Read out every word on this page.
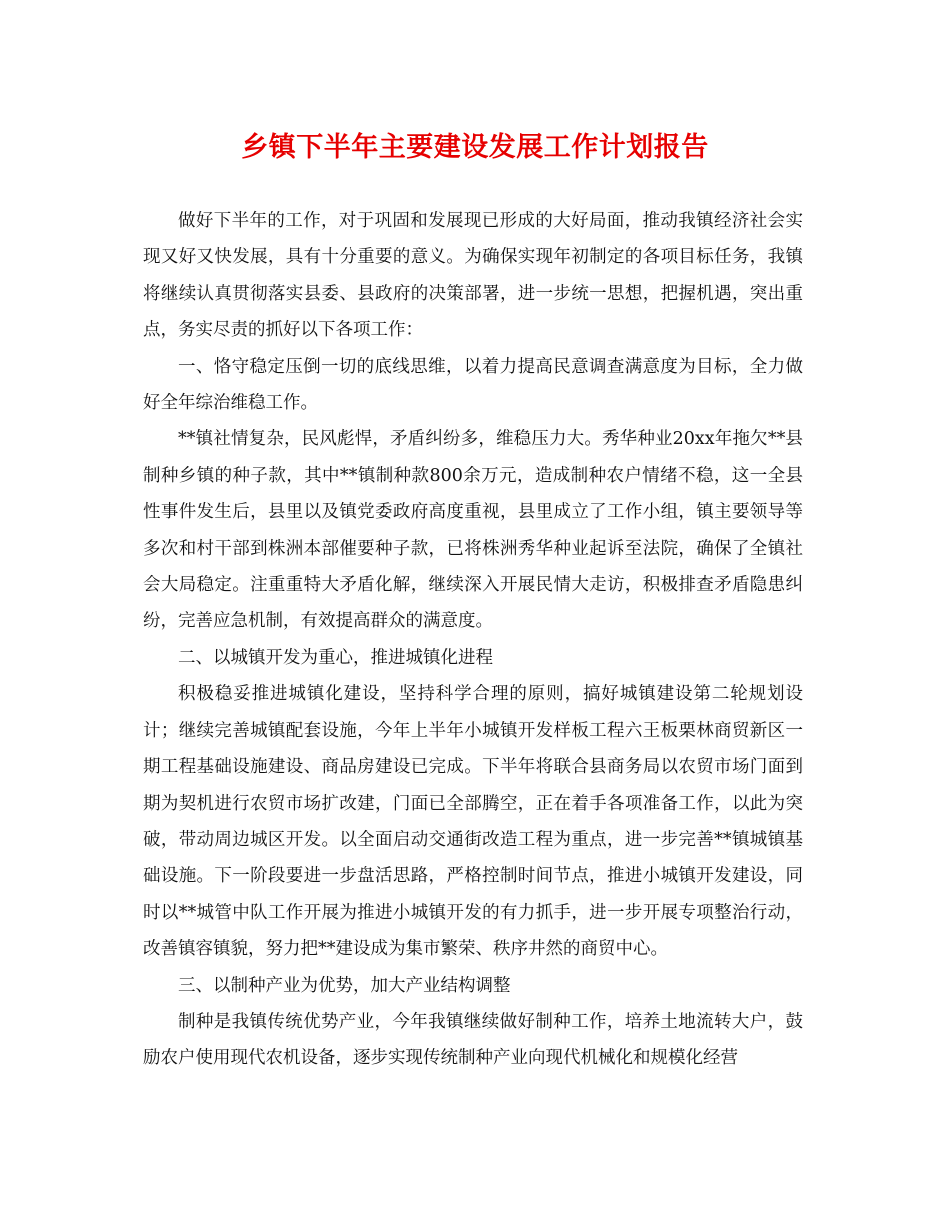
乡镇下半年主要建设发展工作计划报告

做好下半年的工作，对于巩固和发展现已形成的大好局面，推动我镇经济社会实现又好又快发展，具有十分重要的意义。为确保实现年初制定的各项目标任务，我镇将继续认真贯彻落实县委、县政府的决策部署，进一步统一思想，把握机遇，突出重点，务实尽责的抓好以下各项工作：

一、恪守稳定压倒一切的底线思维，以着力提高民意调查满意度为目标，全力做好全年综治维稳工作。

**镇社情复杂，民风彪悍，矛盾纠纷多，维稳压力大。秀华种业20xx年拖欠**县制种乡镇的种子款，其中**镇制种款800余万元，造成制种农户情绪不稳，这一全县性事件发生后，县里以及镇党委政府高度重视，县里成立了工作小组，镇主要领导等多次和村干部到株洲本部催要种子款，已将株洲秀华种业起诉至法院，确保了全镇社会大局稳定。注重重特大矛盾化解，继续深入开展民情大走访，积极排查矛盾隐患纠纷，完善应急机制，有效提高群众的满意度。

二、以城镇开发为重心，推进城镇化进程

积极稳妥推进城镇化建设，坚持科学合理的原则，搞好城镇建设第二轮规划设计；继续完善城镇配套设施，今年上半年小城镇开发样板工程六王板栗林商贸新区一期工程基础设施建设、商品房建设已完成。下半年将联合县商务局以农贸市场门面到期为契机进行农贸市场扩改建，门面已全部腾空，正在着手各项准备工作，以此为突破，带动周边城区开发。以全面启动交通街改造工程为重点，进一步完善**镇城镇基础设施。下一阶段要进一步盘活思路，严格控制时间节点，推进小城镇开发建设，同时以**城管中队工作开展为推进小城镇开发的有力抓手，进一步开展专项整治行动，改善镇容镇貌，努力把**建设成为集市繁荣、秩序井然的商贸中心。

三、以制种产业为优势，加大产业结构调整

制种是我镇传统优势产业，今年我镇继续做好制种工作，培养土地流转大户，鼓励农户使用现代农机设备，逐步实现传统制种产业向现代机械化和规模化经营
